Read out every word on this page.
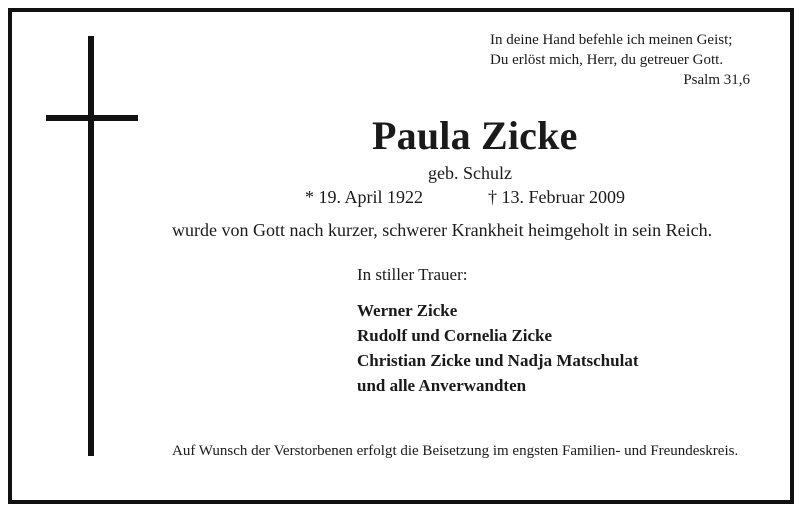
In deine Hand befehle ich meinen Geist;
Du erlöst mich, Herr, du getreuer Gott.
Psalm 31,6
Paula Zicke
geb. Schulz
* 19. April 1922	† 13. Februar 2009
wurde von Gott nach kurzer, schwerer Krankheit heimgeholt in sein Reich.
In stiller Trauer:
Werner Zicke
Rudolf und Cornelia Zicke
Christian Zicke und Nadja Matschulat
und alle Anverwandten
Auf Wunsch der Verstorbenen erfolgt die Beisetzung im engsten Familien- und Freundeskreis.
